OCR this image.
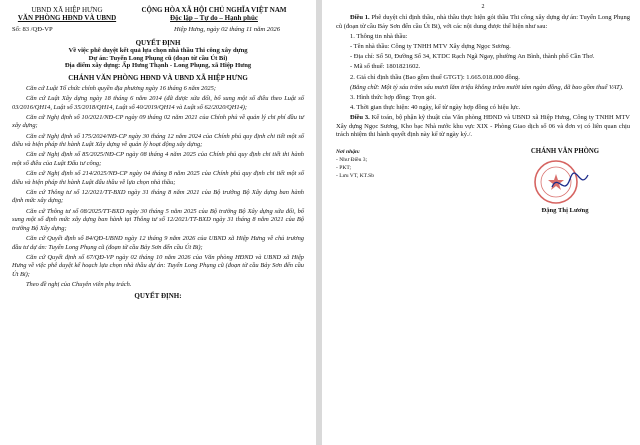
UBND XÃ HIỆP HƯNG
VĂN PHÒNG HĐND VÀ UBND
CỘNG HÒA XÃ HỘI CHỦ NGHĨA VIỆT NAM
Độc lập – Tự do – Hạnh phúc
Số: 83 /QĐ-VP	Hiệp Hưng, ngày 02 tháng 11 năm 2026
QUYẾT ĐỊNH
Về việc phê duyệt kết quả lựa chọn nhà thầu Thi công xây dựng
Dự án: Tuyến Long Phụng cũ (đoạn từ cầu Út Bi)
Địa điểm xây dựng: Ấp Hưng Thạnh - Long Phụng, xã Hiệp Hưng
CHÁNH VĂN PHÒNG HĐND VÀ UBND XÃ HIỆP HƯNG

Căn cứ Luật Tổ chức chính quyền địa phương ngày 16 tháng 6 năm 2025;

Căn cứ Luật Xây dựng ngày 18 tháng 6 năm 2014 (đã được sửa đổi, bổ sung một số điều theo Luật số 03/2016/QH14, Luật số 35/2018/QH14, Luật số 40/2019/QH14 và Luật số 62/2020/QH14);

Căn cứ Nghị định số 10/2021/NĐ-CP ngày 09 tháng 02 năm 2021 của Chính phủ về quản lý chi phí đầu tư xây dựng;

Căn cứ Nghị định số 175/2024/NĐ-CP ngày 30 tháng 12 năm 2024 của Chính phủ quy định chi tiết một số điều và biện pháp thi hành Luật Xây dựng về quản lý hoạt động xây dựng;

Căn cứ Nghị định số 85/2025/NĐ-CP ngày 08 tháng 4 năm 2025 của Chính phủ quy định chi tiết thi hành một số điều của Luật Đấu tư công;

Căn cứ Nghị định số 214/2025/NĐ-CP ngày 04 tháng 8 năm 2025 của Chính phủ quy định chi tiết một số điều và biện pháp thi hành Luật đấu thầu về lựa chọn nhà thầu;

Căn cứ Thông tư số 12/2021/TT-BXD ngày 31 tháng 8 năm 2021 của Bộ trưởng Bộ Xây dựng ban hành định mức xây dựng;

Căn cứ Thông tư số 08/2025/TT-BXD ngày 30 tháng 5 năm 2025 của Bộ trưởng Bộ Xây dựng sửa đổi, bổ sung một số định mức xây dựng ban hành tại Thông tư số 12/2021/TT-BXD ngày 31 tháng 8 năm 2021 của Bộ trưởng Bộ Xây dựng;

Căn cứ Quyết định số 84/QĐ-UBND ngày 12 tháng 9 năm 2026 của UBND xã Hiệp Hưng về chủ trương đầu tư dự án: Tuyến Long Phụng cũ (đoạn từ cầu Bảy Sơn đến cầu Út Bi);

Căn cứ Quyết định số 67/QĐ-VP ngày 02 tháng 10 năm 2026 của Văn phòng HĐND và UBND xã Hiệp Hưng về việc phê duyệt kế hoạch lựa chọn nhà thầu dự án: Tuyến Long Phụng cũ (đoạn từ cầu Bảy Sơn đến cầu Út Bi);

Theo đề nghị của Chuyên viên phụ trách.

QUYẾT ĐỊNH:
2

Điều 1. Phê duyệt chỉ định thầu, nhà thầu thực hiện gói thầu Thi công xây dựng dự án: Tuyến Long Phụng cũ (đoạn từ cầu Bảy Sơn đến cầu Út Bi), với các nội dung được thể hiện như sau:

1. Thông tin nhà thầu:

- Tên nhà thầu: Công ty TNHH MTV Xây dựng Ngọc Sương.

- Địa chỉ: Số 50, Đường Số 34, KTDC Rạch Ngã Ngay, phường An Bình, thành phố Cần Thơ.

- Mã số thuế: 1801821602.

2. Giá chỉ định thầu (Bao gồm thuế GTGT): 1.665.018.000 đồng.

(Bằng chữ: Một tỷ sáu trăm sáu mươi lăm triệu không trăm mười tám ngàn đồng, đã bao gồm thuế VAT).

3. Hình thức hợp đồng: Trọn gói.

4. Thời gian thực hiện: 40 ngày, kể từ ngày hợp đồng có hiệu lực.

Điều 3. Kế toán, bộ phận kỹ thuật của Văn phòng HĐND và UBND xã Hiệp Hưng, Công ty TNHH MTV Xây dựng Ngọc Sương, Kho bạc Nhà nước khu vực XIX - Phòng Giao dịch số 06 và đơn vị có liên quan chịu trách nhiệm thi hành quyết định này kể từ ngày ký./.

Nơi nhận:
- Như Điều 3;
- PKT;
- Lưu VT, KT.Sb
CHÁNH VĂN PHÒNG
Đặng Thị Lương
